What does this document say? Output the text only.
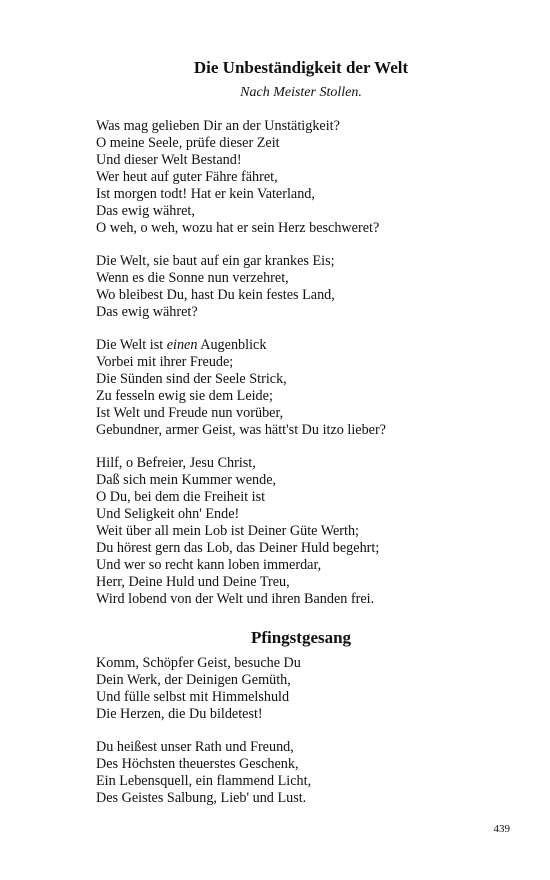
Die Unbeständigkeit der Welt
Nach Meister Stollen.
Was mag gelieben Dir an der Unstätigkeit?
O meine Seele, prüfe dieser Zeit
Und dieser Welt Bestand!
Wer heut auf guter Fähre fähret,
Ist morgen todt! Hat er kein Vaterland,
Das ewig währet,
O weh, o weh, wozu hat er sein Herz beschweret?
Die Welt, sie baut auf ein gar krankes Eis;
Wenn es die Sonne nun verzehret,
Wo bleibest Du, hast Du kein festes Land,
Das ewig währet?
Die Welt ist einen Augenblick
Vorbei mit ihrer Freude;
Die Sünden sind der Seele Strick,
Zu fesseln ewig sie dem Leide;
Ist Welt und Freude nun vorüber,
Gebundner, armer Geist, was hätt'st Du itzo lieber?
Hilf, o Befreier, Jesu Christ,
Daß sich mein Kummer wende,
O Du, bei dem die Freiheit ist
Und Seligkeit ohn' Ende!
Weit über all mein Lob ist Deiner Güte Werth;
Du hörest gern das Lob, das Deiner Huld begehrt;
Und wer so recht kann loben immerdar,
Herr, Deine Huld und Deine Treu,
Wird lobend von der Welt und ihren Banden frei.
Pfingstgesang
Komm, Schöpfer Geist, besuche Du
Dein Werk, der Deinigen Gemüth,
Und fülle selbst mit Himmelshuld
Die Herzen, die Du bildetest!
Du heißest unser Rath und Freund,
Des Höchsten theuerstes Geschenk,
Ein Lebensquell, ein flammend Licht,
Des Geistes Salbung, Lieb' und Lust.
439
